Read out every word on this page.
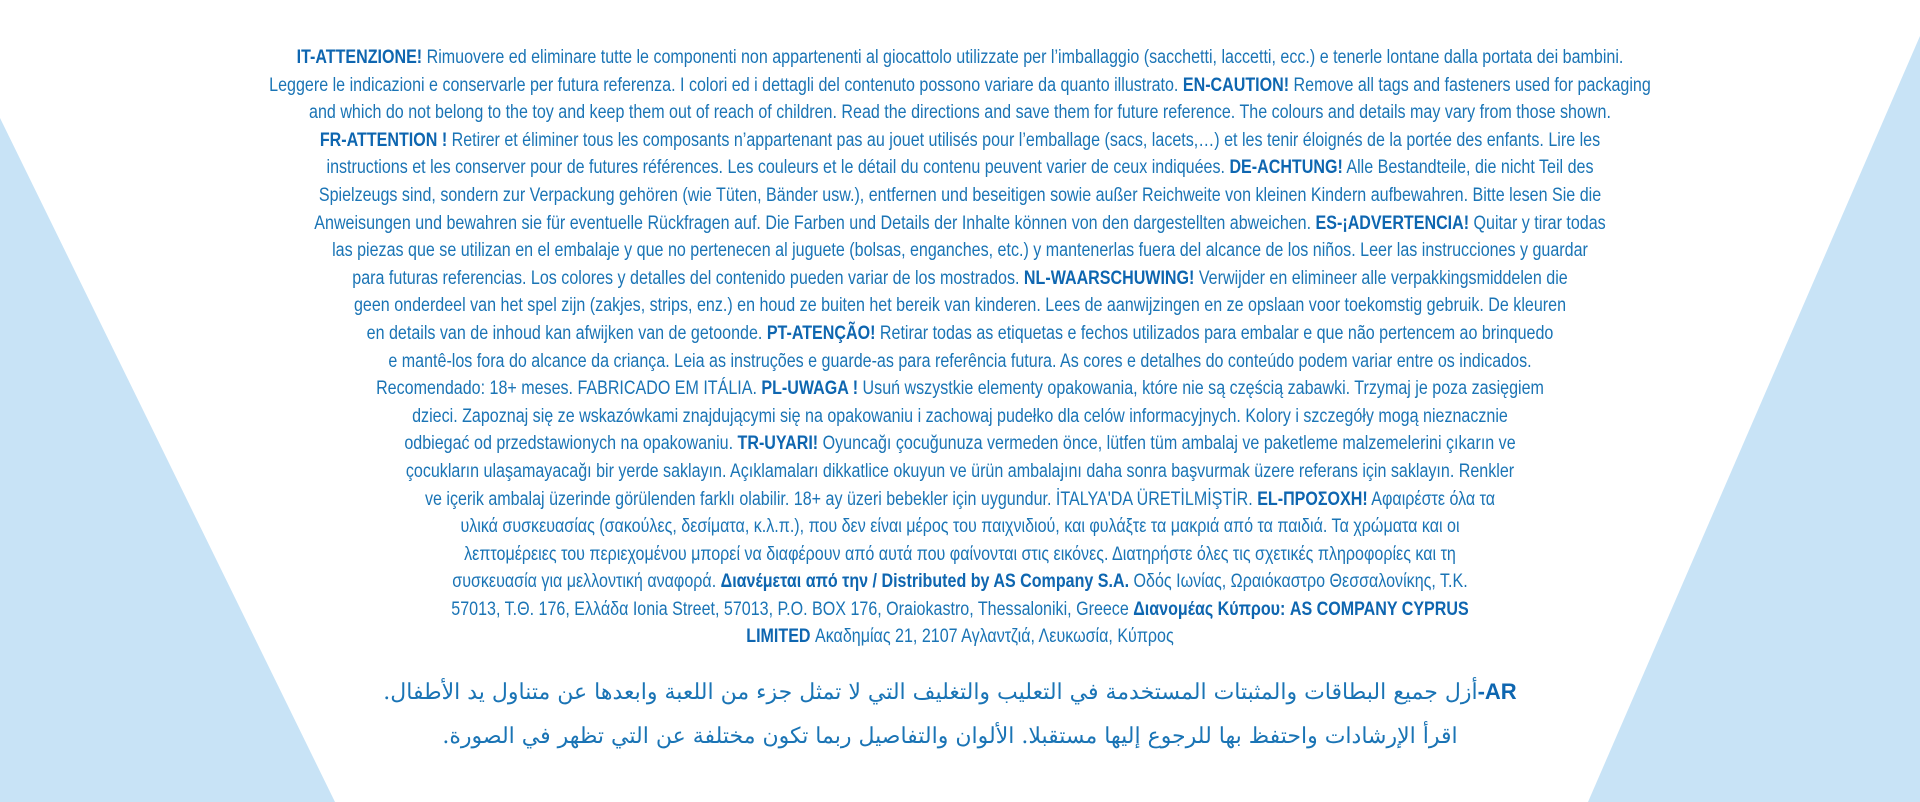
IT-ATTENZIONE! Rimuovere ed eliminare tutte le componenti non appartenenti al giocattolo utilizzate per l’imballaggio (sacchetti, laccetti, ecc.) e tenerle lontane dalla portata dei bambini.
Leggere le indicazioni e conservarle per futura referenza. I colori ed i dettagli del contenuto possono variare da quanto illustrato. EN-CAUTION! Remove all tags and fasteners used for packaging
and which do not belong to the toy and keep them out of reach of children. Read the directions and save them for future reference. The colours and details may vary from those shown.
FR-ATTENTION ! Retirer et éliminer tous les composants n’appartenant pas au jouet utilisés pour l’emballage (sacs, lacets,…) et les tenir éloignés de la portée des enfants. Lire les
instructions et les conserver pour de futures références. Les couleurs et le détail du contenu peuvent varier de ceux indiquées. DE-ACHTUNG! Alle Bestandteile, die nicht Teil des
Spielzeugs sind, sondern zur Verpackung gehören (wie Tüten, Bänder usw.), entfernen und beseitigen sowie außer Reichweite von kleinen Kindern aufbewahren. Bitte lesen Sie die
Anweisungen und bewahren sie für eventuelle Rückfragen auf. Die Farben und Details der Inhalte können von den dargestellten abweichen. ES-¡ADVERTENCIA! Quitar y tirar todas
las piezas que se utilizan en el embalaje y que no pertenecen al juguete (bolsas, enganches, etc.) y mantenerlas fuera del alcance de los niños. Leer las instrucciones y guardar
para futuras referencias. Los colores y detalles del contenido pueden variar de los mostrados. NL-WAARSCHUWING! Verwijder en elimineer alle verpakkingsmiddelen die
geen onderdeel van het spel zijn (zakjes, strips, enz.) en houd ze buiten het bereik van kinderen. Lees de aanwijzingen en ze opslaan voor toekomstig gebruik. De kleuren
en details van de inhoud kan afwijken van de getoonde. PT-ATENÇÃO! Retirar todas as etiquetas e fechos utilizados para embalar e que não pertencem ao brinquedo
e mantê-los fora do alcance da criança. Leia as instruções e guarde-as para referência futura. As cores e detalhes do conteúdo podem variar entre os indicados.
Recomendado: 18+ meses. FABRICADO EM ITÁLIA. PL-UWAGA ! Usuń wszystkie elementy opakowania, które nie są częścią zabawki. Trzymaj je poza zasięgiem
dzieci. Zapoznaj się ze wskazówkami znajdującymi się na opakowaniu i zachowaj pudełko dla celów informacyjnych. Kolory i szczegóły mogą nieznacznie
odbiegać od przedstawionych na opakowaniu. TR-UYARI! Oyuncağı çocuğunuza vermeden önce, lütfen tüm ambalaj ve paketleme malzemelerini çıkarın ve
çocukların ulaşamayacağı bir yerde saklayın. Açıklamaları dikkatlice okuyun ve ürün ambalajını daha sonra başvurmak üzere referans için saklayın. Renkler
ve içerik ambalaj üzerinde görülenden farklı olabilir. 18+ ay üzeri bebekler için uygundur. İTALYA'DA ÜRETİLMİŞTİR. EL-ΠΡΟΣΟΧΗ! Αφαιρέστε όλα τα
υλικά συσκευασίας (σακούλες, δεσίματα, κ.λ.π.), που δεν είναι μέρος του παιχνιδιού, και φυλάξτε τα μακριά από τα παιδιά. Τα χρώματα και οι
λεπτομέρειες του περιεχομένου μπορεί να διαφέρουν από αυτά που φαίνονται στις εικόνες. Διατηρήστε όλες τις σχετικές πληροφορίες και τη
συσκευασία για μελλοντική αναφορά. Διανέμεται από την / Distributed by AS Company S.A. Οδός Ιωνίας, Ωραιόκαστρο Θεσσαλονίκης, Τ.Κ.
57013, Τ.Θ. 176, Ελλάδα Ionia Street, 57013, P.O. BOX 176, Oraiokastro, Thessaloniki, Greece Διανομέας Κύπρου: AS COMPANY CYPRUS
LIMITED Ακαδημίας 21, 2107 Αγλαντζιά, Λευκωσία, Κύπρος
AR-أزل جميع البطاقات والمثبتات المستخدمة في التعليب والتغليف التي لا تمثل جزء من اللعبة وابعدها عن متناول يد الأطفال.
اقرأ الإرشادات واحتفظ بها للرجوع إليها مستقبلا. الألوان والتفاصيل ربما تكون مختلفة عن التي تظهر في الصورة.
